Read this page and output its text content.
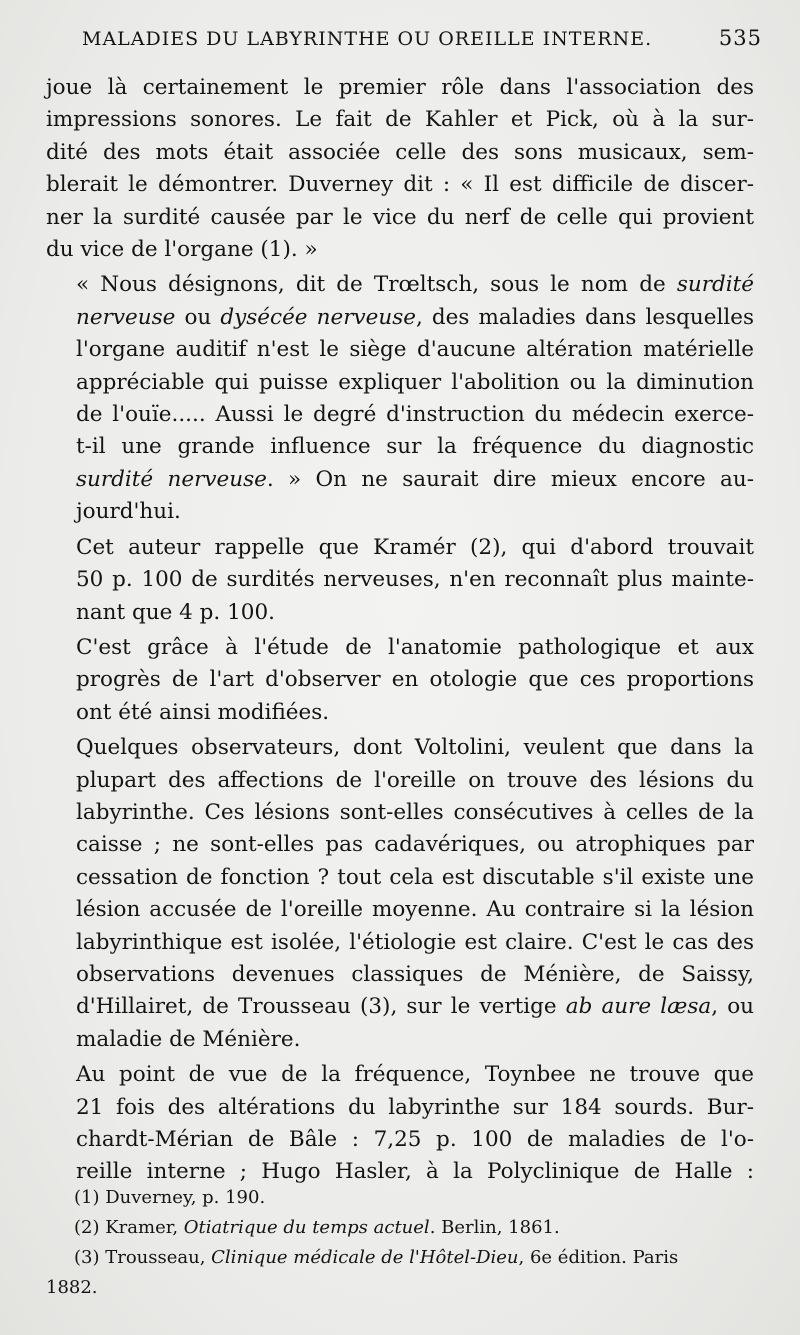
MALADIES DU LABYRINTHE OU OREILLE INTERNE.	535

joue là certainement le premier rôle dans l'association des
impressions sonores. Le fait de Kahler et Pick, où à la sur-
dité des mots était associée celle des sons musicaux, sem-
blerait le démontrer. Duverney dit : « Il est difficile de discer-
ner la surdité causée par le vice du nerf de celle qui provient
du vice de l'organe (1). »

« Nous désignons, dit de Trœltsch, sous le nom de surdité
nerveuse ou dysécée nerveuse, des maladies dans lesquelles
l'organe auditif n'est le siège d'aucune altération matérielle
appréciable qui puisse expliquer l'abolition ou la diminution
de l'ouïe..... Aussi le degré d'instruction du médecin exerce-
t-il une grande influence sur la fréquence du diagnostic
surdité nerveuse. » On ne saurait dire mieux encore au-
jourd'hui.

Cet auteur rappelle que Kramér (2), qui d'abord trouvait
50 p. 100 de surdités nerveuses, n'en reconnaît plus mainte-
nant que 4 p. 100.

C'est grâce à l'étude de l'anatomie pathologique et aux
progrès de l'art d'observer en otologie que ces proportions
ont été ainsi modifiées.

Quelques observateurs, dont Voltolini, veulent que dans la
plupart des affections de l'oreille on trouve des lésions du
labyrinthe. Ces lésions sont-elles consécutives à celles de la
caisse ; ne sont-elles pas cadavériques, ou atrophiques par
cessation de fonction ? tout cela est discutable s'il existe une
lésion accusée de l'oreille moyenne. Au contraire si la lésion
labyrinthique est isolée, l'étiologie est claire. C'est le cas des
observations devenues classiques de Ménière, de Saissy,
d'Hillairet, de Trousseau (3), sur le vertige ab aure læsa, ou
maladie de Ménière.

Au point de vue de la fréquence, Toynbee ne trouve que
21 fois des altérations du labyrinthe sur 184 sourds. Bur-
chardt-Mérian de Bâle : 7,25 p. 100 de maladies de l'o-
reille interne ; Hugo Hasler, à la Polyclinique de Halle :

(1) Duverney, p. 190.
(2) Kramer, Otiatrique du temps actuel. Berlin, 1861.
(3) Trousseau, Clinique médicale de l'Hôtel-Dieu, 6e édition. Paris
1882.
